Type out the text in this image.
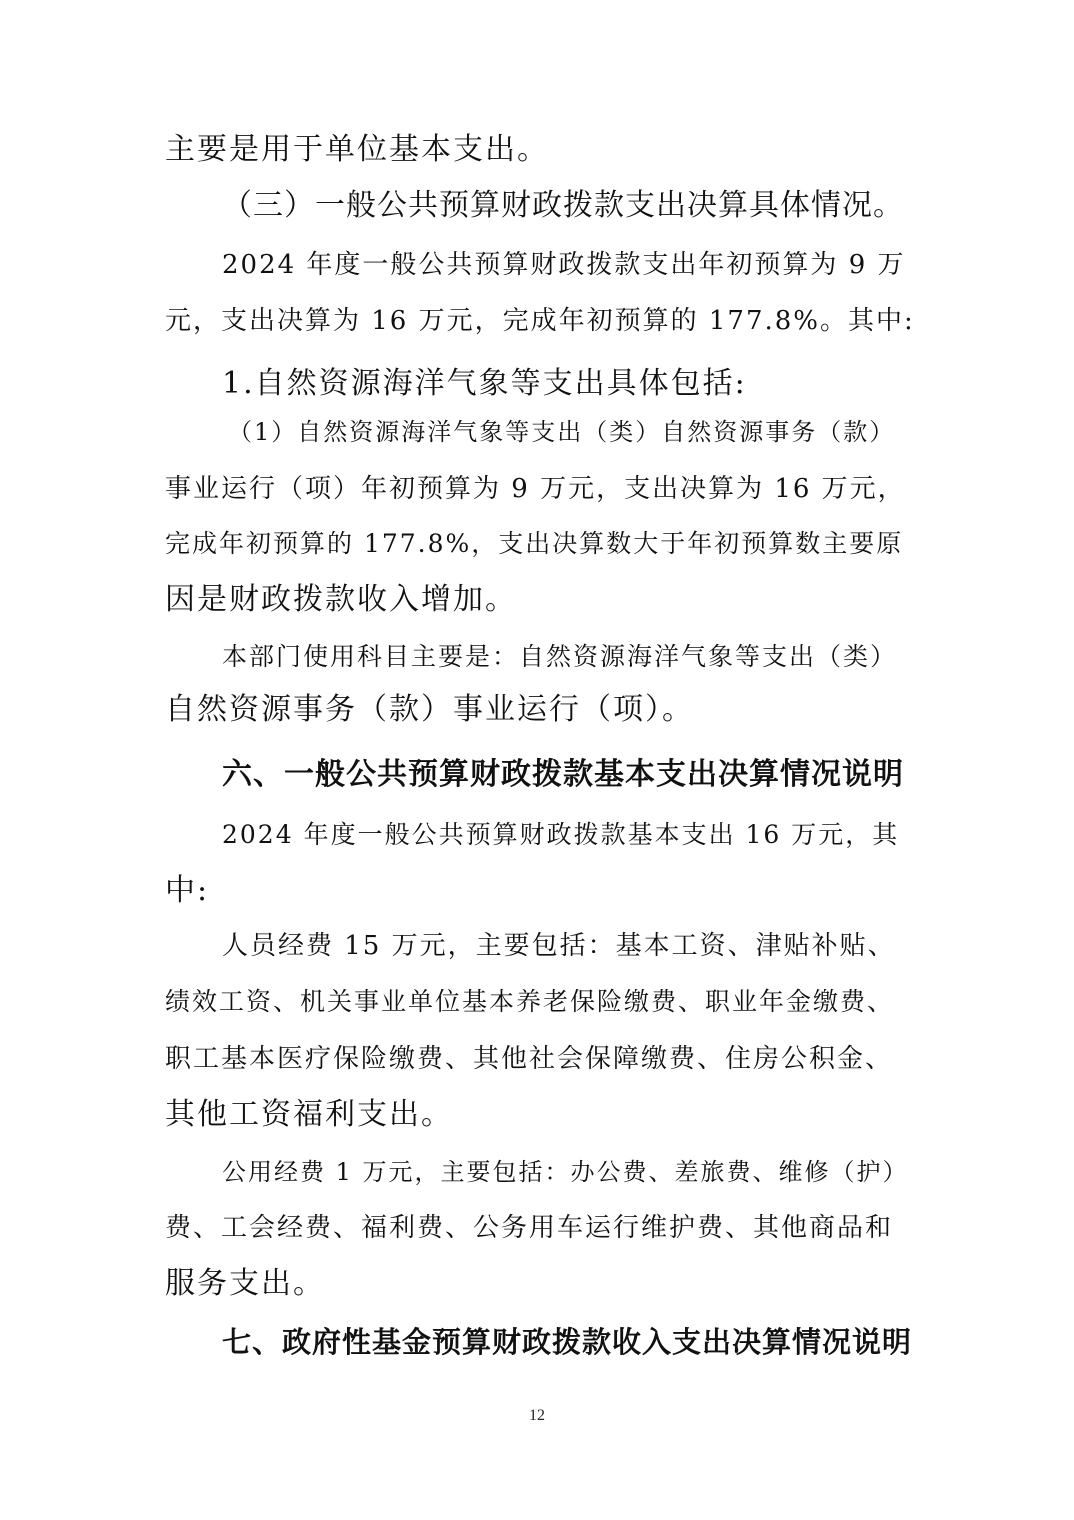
主要是用于单位基本支出。
（三）一般公共预算财政拨款支出决算具体情况。
2024 年度一般公共预算财政拨款支出年初预算为 9 万
元，支出决算为 16 万元，完成年初预算的 177.8%。其中:
1.自然资源海洋气象等支出具体包括:
（1）自然资源海洋气象等支出（类）自然资源事务（款）
事业运行（项）年初预算为 9 万元，支出决算为 16 万元，
完成年初预算的 177.8%，支出决算数大于年初预算数主要原
因是财政拨款收入增加。
本部门使用科目主要是：自然资源海洋气象等支出（类）
自然资源事务（款）事业运行（项）。
六、一般公共预算财政拨款基本支出决算情况说明
2024 年度一般公共预算财政拨款基本支出 16 万元，其
中:
人员经费 15 万元，主要包括：基本工资、津贴补贴、
绩效工资、机关事业单位基本养老保险缴费、职业年金缴费、
职工基本医疗保险缴费、其他社会保障缴费、住房公积金、
其他工资福利支出。
公用经费 1 万元，主要包括：办公费、差旅费、维修（护）
费、工会经费、福利费、公务用车运行维护费、其他商品和
服务支出。
七、政府性基金预算财政拨款收入支出决算情况说明
12
